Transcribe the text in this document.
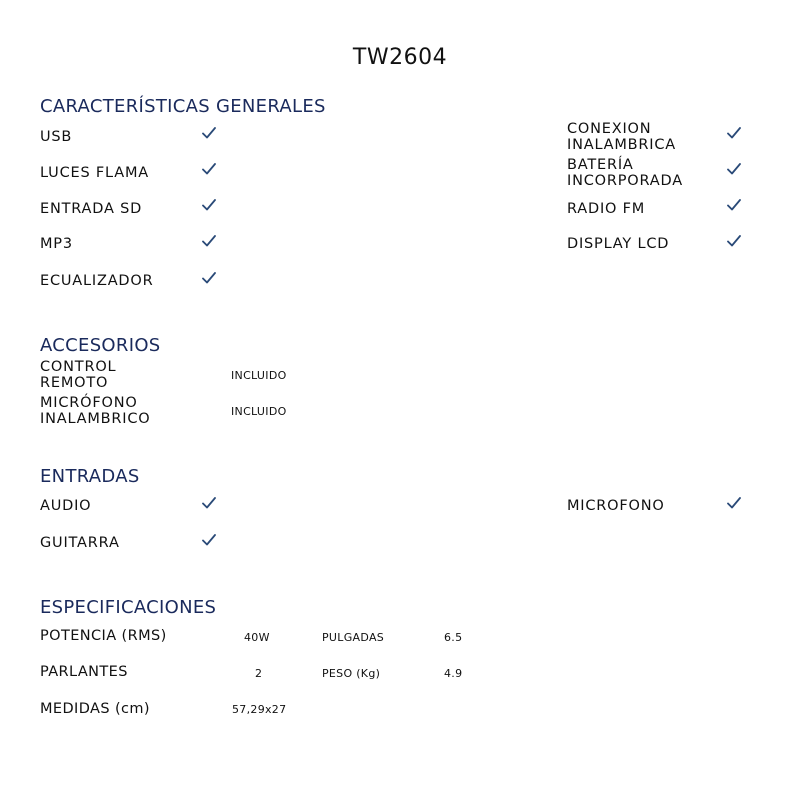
TW2604
CARACTERÍSTICAS GENERALES
USB
LUCES FLAMA
ENTRADA SD
MP3
ECUALIZADOR
CONEXION
INALAMBRICA
BATERÍA
INCORPORADA
RADIO FM
DISPLAY LCD
ACCESORIOS
CONTROL
REMOTO	INCLUIDO
MICRÓFONO
INALAMBRICO	INCLUIDO
ENTRADAS
AUDIO
GUITARRA
MICROFONO
ESPECIFICACIONES
POTENCIA (RMS)	40W	PULGADAS	6.5
PARLANTES	2	PESO (Kg)	4.9
MEDIDAS (cm)	57,29x27
